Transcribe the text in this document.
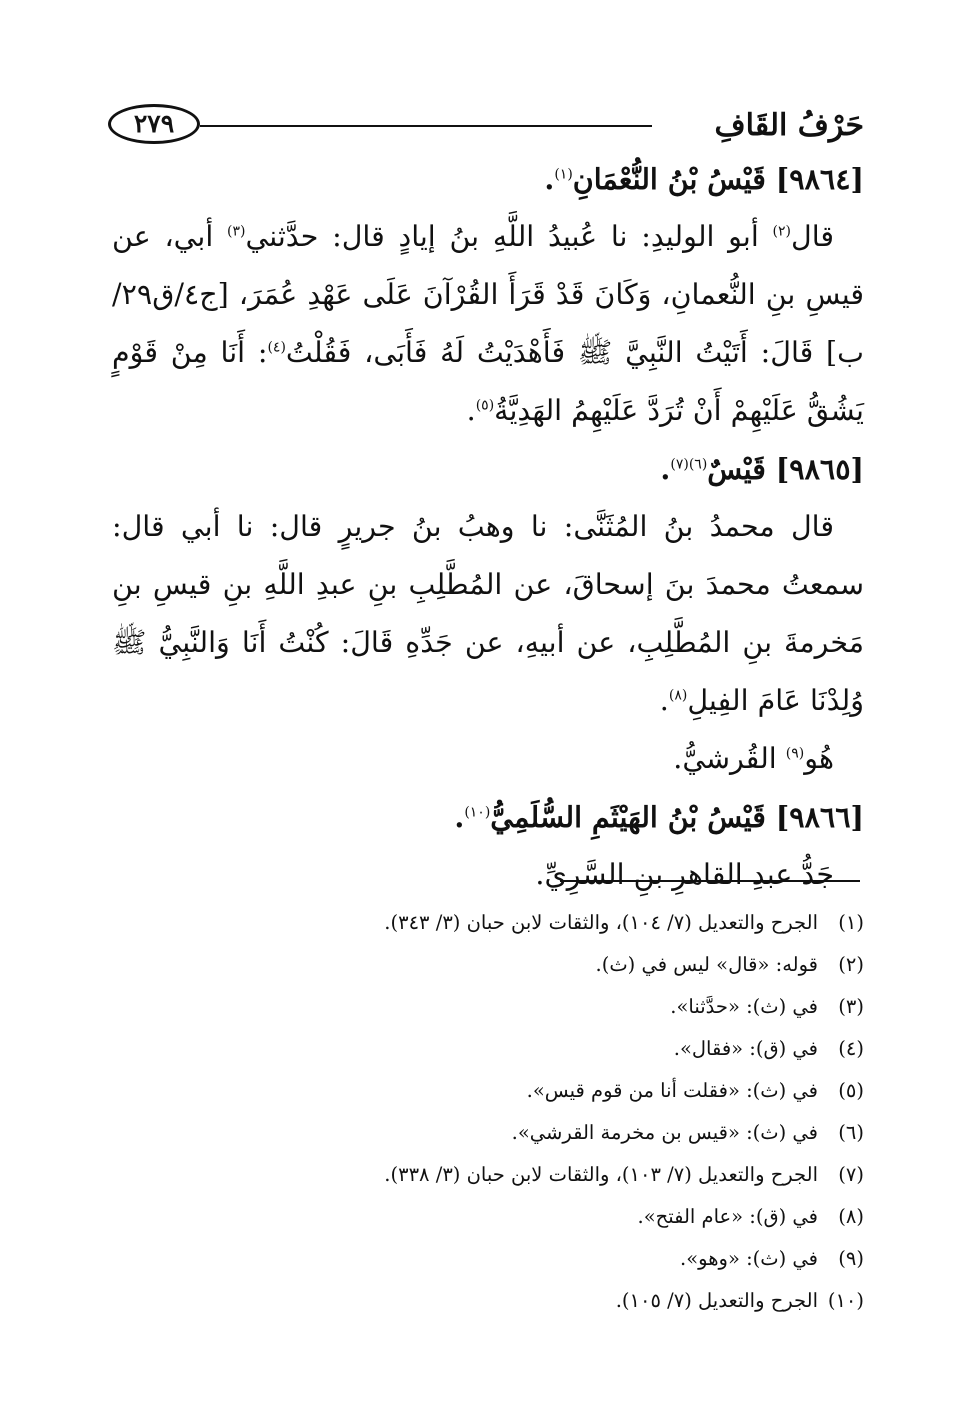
حَرْفُ القَافِ
٢٧٩

[٩٨٦٤] قَيْسُ بْنُ النُّعْمَانِ$^{(١)}$.

قال$^{(٢)}$ أبو الوليدِ: نا عُبيدُ اللَّهِ بنُ إيادٍ قال: حدَّثني$^{(٣)}$ أبي، عن قيسِ بنِ النُّعمانِ، وَكَانَ قَدْ قَرَأَ القُرْآنَ عَلَى عَهْدِ عُمَرَ، [ج٤/ق٢٩/ب] قَالَ: أَتَيْتُ النَّبِيَّ ﷺ فَأَهْدَيْتُ لَهُ فَأَبَى، فَقُلْتُ$^{(٤)}$: أَنَا مِنْ قَوْمٍ يَشُقُّ عَلَيْهِمْ أَنْ تُرَدَّ عَلَيْهِمُ الهَدِيَّةُ$^{(٥)}$.

[٩٨٦٥] قَيْسٌ$^{(٦)(٧)}$.

قال محمدُ بنُ المُثَنَّى: نا وهبُ بنُ جريرٍ قال: نا أبي قال: سمعتُ محمدَ بنَ إسحاقَ، عن المُطَّلِبِ بنِ عبدِ اللَّهِ بنِ قيسِ بنِ مَخرمةَ بنِ المُطَّلِبِ، عن أبيهِ، عن جَدِّهِ قَالَ: كُنْتُ أَنَا وَالنَّبِيُّ ﷺ وُلِدْنَا عَامَ الفِيلِ$^{(٨)}$.

هُو$^{(٩)}$ القُرشيُّ.

[٩٨٦٦] قَيْسُ بْنُ الهَيْثَمِ السُّلَمِيُّ$^{(١٠)}$.

جَدُّ عبدِ القاهرِ بنِ السَّرِيِّ.

(١)الجرح والتعديل (٧/ ١٠٤)، والثقات لابن حبان (٣/ ٣٤٣).

(٢)قوله: «قال» ليس في (ث).

(٣)في (ث): «حدَّثنا».

(٤)في (ق): «فقال».

(٥)في (ث): «فقلت أنا من قوم قيس».

(٦)في (ث): «قيس بن مخرمة القرشي».

(٧)الجرح والتعديل (٧/ ١٠٣)، والثقات لابن حبان (٣/ ٣٣٨).

(٨)في (ق): «عام الفتح».

(٩)في (ث): «وهو».

(١٠)الجرح والتعديل (٧/ ١٠٥).
